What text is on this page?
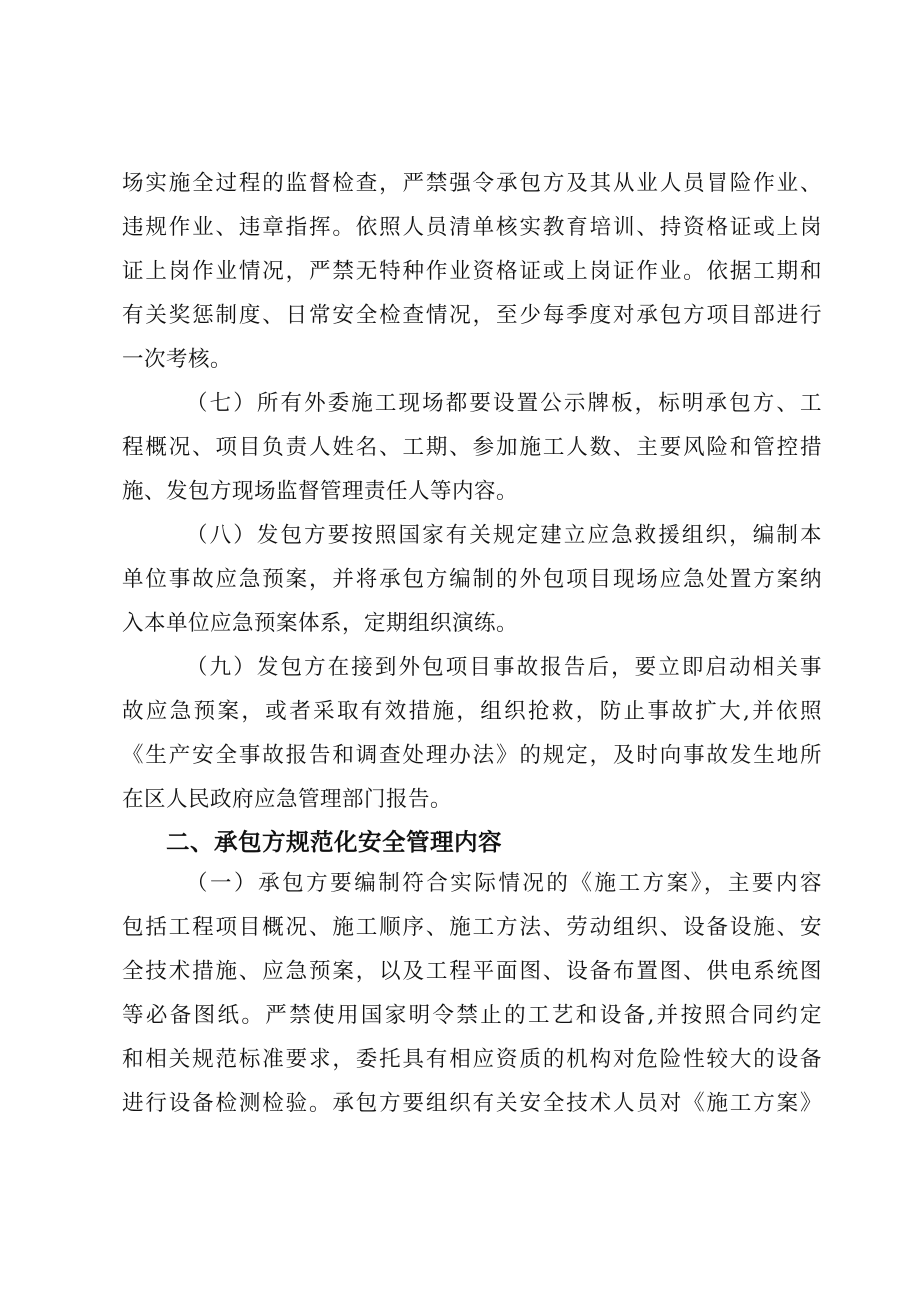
场实施全过程的监督检查，严禁强令承包方及其从业人员冒险作业、
违规作业、违章指挥。依照人员清单核实教育培训、持资格证或上岗
证上岗作业情况，严禁无特种作业资格证或上岗证作业。依据工期和
有关奖惩制度、日常安全检查情况，至少每季度对承包方项目部进行
一次考核。
（七）所有外委施工现场都要设置公示牌板，标明承包方、工
程概况、项目负责人姓名、工期、参加施工人数、主要风险和管控措
施、发包方现场监督管理责任人等内容。
（八）发包方要按照国家有关规定建立应急救援组织，编制本
单位事故应急预案，并将承包方编制的外包项目现场应急处置方案纳
入本单位应急预案体系，定期组织演练。
（九）发包方在接到外包项目事故报告后，要立即启动相关事
故应急预案，或者采取有效措施，组织抢救，防止事故扩大,并依照
《生产安全事故报告和调查处理办法》的规定，及时向事故发生地所
在区人民政府应急管理部门报告。
二、承包方规范化安全管理内容
（一）承包方要编制符合实际情况的《施工方案》，主要内容
包括工程项目概况、施工顺序、施工方法、劳动组织、设备设施、安
全技术措施、应急预案，以及工程平面图、设备布置图、供电系统图
等必备图纸。严禁使用国家明令禁止的工艺和设备,并按照合同约定
和相关规范标准要求，委托具有相应资质的机构对危险性较大的设备
进行设备检测检验。承包方要组织有关安全技术人员对《施工方案》
